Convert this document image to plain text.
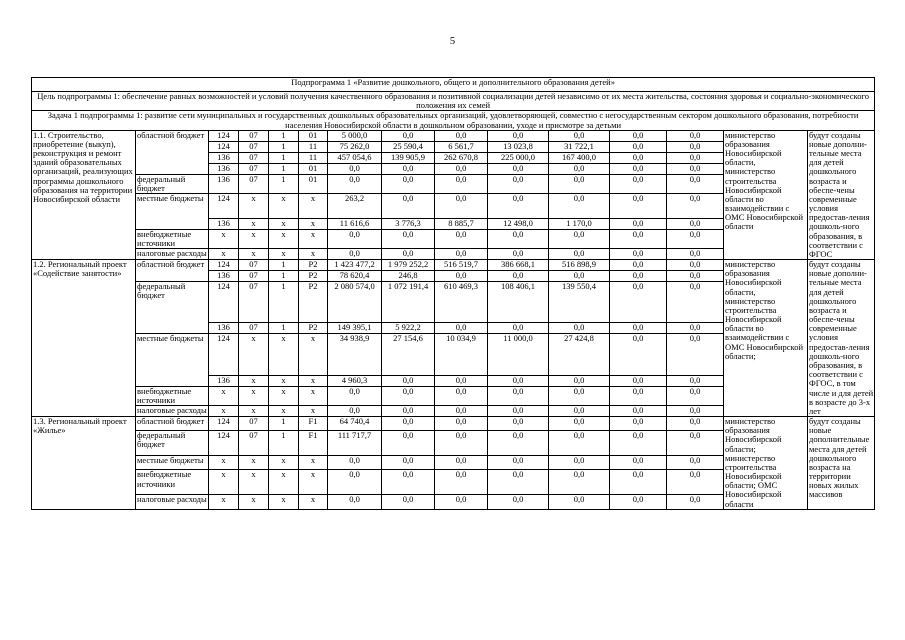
5
Подпрограмма 1 «Развитие дошкольного, общего и дополнительного образования детей»														
Цель подпрограммы 1: обеспечение равных возможностей и условий получения качественного образования и позитивной социализации детей независимо от их места жительства, состояния здоровья и социально-экономического положения их семей														
Задача 1 подпрограммы 1: развитие сети муниципальных и государственных дошкольных образовательных организаций, удовлетворяющей, совместно с негосударственным сектором дошкольного образования, потребности населения Новосибирской области в дошкольном образовании, уходе и присмотре за детьми														
1.1. Строительство, приобретение (выкуп), реконструкция и ремонт зданий образовательных организаций, реализующих программы дошкольного образования на территории Новосибирской области	областной бюджет	124	07	1	01	5 000,0	0,0	0,0	0,0	0,0	0,0	0,0	министерство образования Новосибирской области, министерство строительства Новосибирской области во взаимодействии с ОМС Новосибирской области	будут созданы новые дополни-тельные места для детей дошкольного возраста и обеспе-чены современные условия предостав-ления дошколь-ного образования, в соответствии с ФГОС
		124	07	1	11	75 262,0	25 590,4	6 561,7	13 023,8	31 722,1	0,0	0,0		
		136	07	1	11	457 054,6	139 905,9	262 670,8	225 000,0	167 400,0	0,0	0,0		
		136	07	1	01	0,0	0,0	0,0	0,0	0,0	0,0	0,0		
	федеральный бюджет	136	07	1	01	0,0	0,0	0,0	0,0	0,0	0,0	0,0		
	местные бюджеты	124	x	x	x	263,2	0,0	0,0	0,0	0,0	0,0	0,0		
		136	x	x	x	11 616,6	3 776,3	8 885,7	12 498,0	1 170,0	0,0	0,0		
	внебюджетные источники	x	x	x	x	0,0	0,0	0,0	0,0	0,0	0,0	0,0		
	налоговые расходы	x	x	x	x	0,0	0,0	0,0	0,0	0,0	0,0	0,0		
1.2. Региональный проект «Содействие занятости»	областной бюджет	124	07	1	P2	1 423 477,2	1 979 252,2	516 519,7	386 668,1	516 898,9	0,0	0,0	министерство образования Новосибирской области, министерство строительства Новосибирской области во взаимодействии с ОМС Новосибирской области;	будут созданы новые дополни-тельные места для детей дошкольного возраста и обеспе-чены современные условия предостав-ления дошколь-ного образования, в соответствии с ФГОС, в том числе и для детей в возрасте до 3-х лет
		136	07	1	P2	78 620,4	246,8	0,0	0,0	0,0	0,0	0,0		
	федеральный бюджет	124	07	1	P2	2 080 574,0	1 072 191,4	610 469,3	108 406,1	139 550,4	0,0	0,0		
		136	07	1	P2	149 395,1	5 922,2	0,0	0,0	0,0	0,0	0,0		
	местные бюджеты	124	x	x	x	34 938,9	27 154,6	10 034,9	11 000,0	27 424,8	0,0	0,0		
		136	x	x	x	4 960,3	0,0	0,0	0,0	0,0	0,0	0,0		
	внебюджетные источники	x	x	x	x	0,0	0,0	0,0	0,0	0,0	0,0	0,0		
	налоговые расходы	x	x	x	x	0,0	0,0	0,0	0,0	0,0	0,0	0,0		
1.3. Региональный проект «Жилье»	областной бюджет	124	07	1	F1	64 740,4	0,0	0,0	0,0	0,0	0,0	0,0	министерство образования Новосибирской области; министерство строительства Новосибирской области; ОМС Новосибирской области	будут созданы новые дополнительные места для детей дошкольного возраста на территории новых жилых массивов
	федеральный бюджет	124	07	1	F1	111 717,7	0,0	0,0	0,0	0,0	0,0	0,0		
	местные бюджеты	x	x	x	x	0,0	0,0	0,0	0,0	0,0	0,0	0,0		
	внебюджетные источники	x	x	x	x	0,0	0,0	0,0	0,0	0,0	0,0	0,0		
	налоговые расходы	x	x	x	x	0,0	0,0	0,0	0,0	0,0	0,0	0,0		
